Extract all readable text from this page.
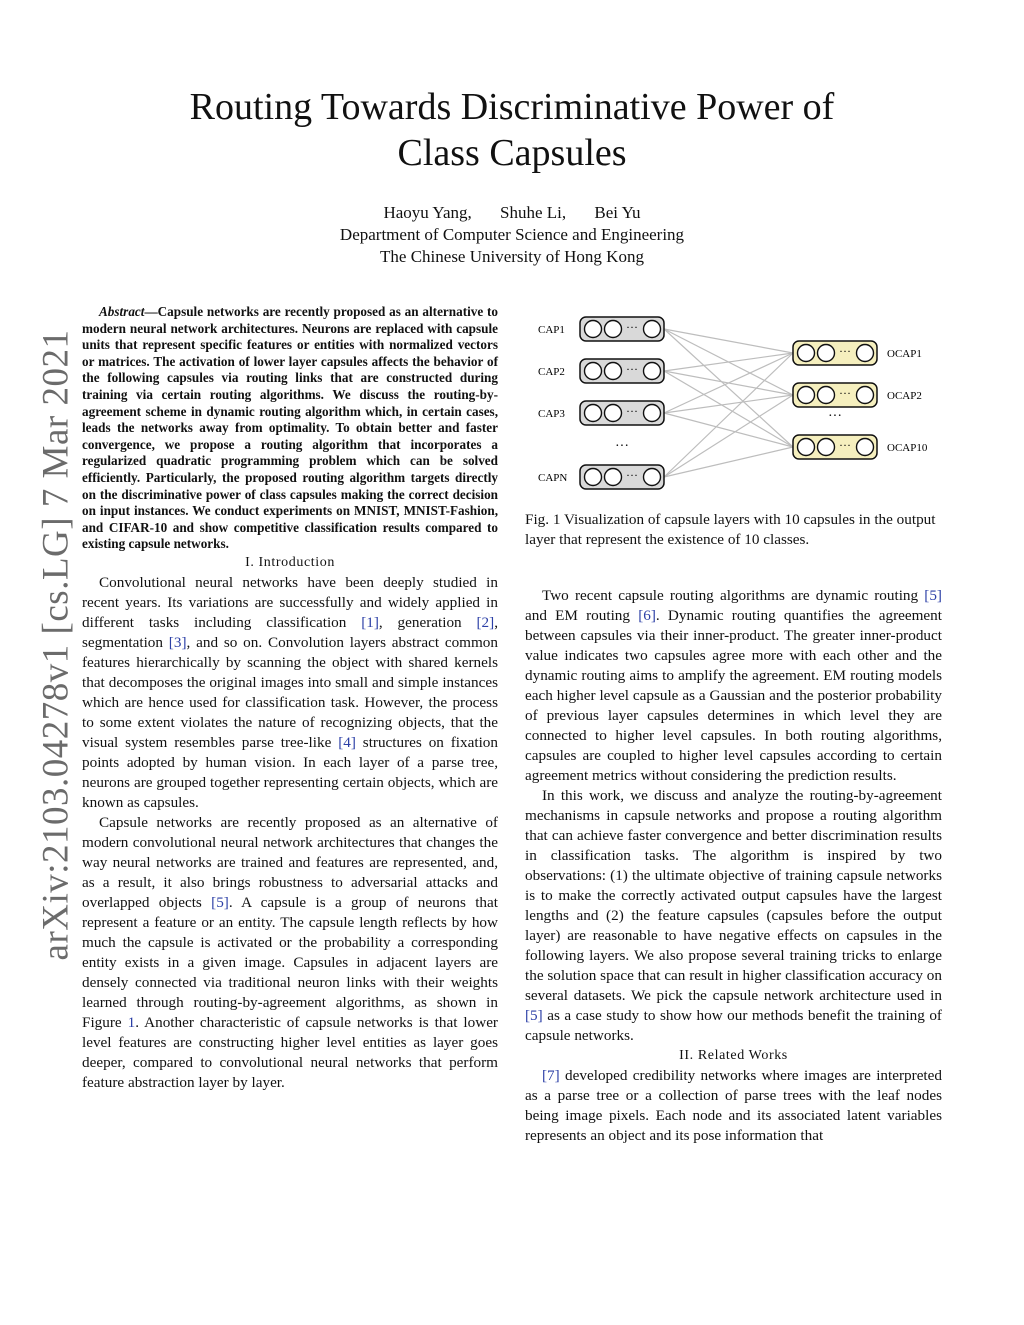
arXiv:2103.04278v1 [cs.LG] 7 Mar 2021
Routing Towards Discriminative Power of
Class Capsules
Haoyu Yang, Shuhe Li, Bei Yu
Department of Computer Science and Engineering
The Chinese University of Hong Kong

Abstract—Capsule networks are recently proposed as an alternative to modern neural network architectures. Neurons are replaced with capsule units that represent specific features or entities with normalized vectors or matrices. The activation of lower layer capsules affects the behavior of the following capsules via routing links that are constructed during training via certain routing algorithms. We discuss the routing-by-agreement scheme in dynamic routing algorithm which, in certain cases, leads the networks away from optimality. To obtain better and faster convergence, we propose a routing algorithm that incorporates a regularized quadratic programming problem which can be solved efficiently. Particularly, the proposed routing algorithm targets directly on the discriminative power of class capsules making the correct decision on input instances. We conduct experiments on MNIST, MNIST-Fashion, and CIFAR-10 and show competitive classification results compared to existing capsule networks.

I. Introduction

Convolutional neural networks have been deeply studied in recent years. Its variations are successfully and widely applied in different tasks including classification [1], generation [2], segmentation [3], and so on. Convolution layers abstract common features hierarchically by scanning the object with shared kernels that decomposes the original images into small and simple instances which are hence used for classification task. However, the process to some extent violates the nature of recognizing objects, that the visual system resembles parse tree-like [4] structures on fixation points adopted by human vision. In each layer of a parse tree, neurons are grouped together representing certain objects, which are known as capsules.

Capsule networks are recently proposed as an alternative of modern convolutional neural network architectures that changes the way neural networks are trained and features are represented, and, as a result, it also brings robustness to adversarial attacks and overlapped objects [5]. A capsule is a group of neurons that represent a feature or an entity. The capsule length reflects by how much the capsule is activated or the probability a corresponding entity exists in a given image. Capsules in adjacent layers are densely connected via traditional neuron links with their weights learned through routing-by-agreement algorithms, as shown in Figure 1. Another characteristic of capsule networks is that lower level features are constructing higher level entities as layer goes deeper, compared to convolutional neural networks that perform feature abstraction layer by layer.

···
CAP1
···
CAP2
···
CAP3
···
CAPN
···	OCAP1
···	OCAP2
···	OCAP10
···
···
Fig. 1 Visualization of capsule layers with 10 capsules in the output layer that represent the existence of 10 classes.

Two recent capsule routing algorithms are dynamic routing [5] and EM routing [6]. Dynamic routing quantifies the agreement between capsules via their inner-product. The greater inner-product value indicates two capsules agree more with each other and the dynamic routing aims to amplify the agreement. EM routing models each higher level capsule as a Gaussian and the posterior probability of previous layer capsules determines in which level they are connected to higher level capsules. In both routing algorithms, capsules are coupled to higher level capsules according to certain agreement metrics without considering the prediction results.

In this work, we discuss and analyze the routing-by-agreement mechanisms in capsule networks and propose a routing algorithm that can achieve faster convergence and better discrimination results in classification tasks. The algorithm is inspired by two observations: (1) the ultimate objective of training capsule networks is to make the correctly activated output capsules have the largest lengths and (2) the feature capsules (capsules before the output layer) are reasonable to have negative effects on capsules in the following layers. We also propose several training tricks to enlarge the solution space that can result in higher classification accuracy on several datasets. We pick the capsule network architecture used in [5] as a case study to show how our methods benefit the training of capsule networks.

II. Related Works

[7] developed credibility networks where images are interpreted as a parse tree or a collection of parse trees with the leaf nodes being image pixels. Each node and its associated latent variables represents an object and its pose information that
